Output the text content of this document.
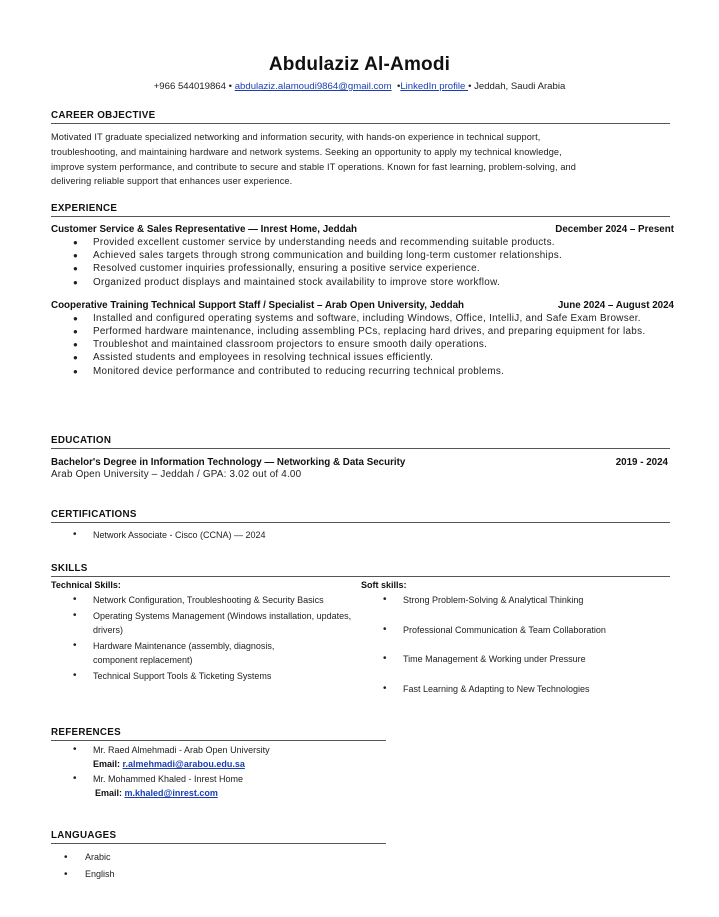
Abdulaziz Al-Amodi
+966 544019864 • abdulaziz.alamoudi9864@gmail.com •LinkedIn profile • Jeddah, Saudi Arabia
CAREER OBJECTIVE
Motivated IT graduate specialized networking and information security, with hands-on experience in technical support,
troubleshooting, and maintaining hardware and network systems. Seeking an opportunity to apply my technical knowledge,
improve system performance, and contribute to secure and stable IT operations. Known for fast learning, problem-solving, and
delivering reliable support that enhances user experience.
EXPERIENCE
Customer Service & Sales Representative — Inrest Home, Jeddah	December 2024 – Present
● Provided excellent customer service by understanding needs and recommending suitable products.
● Achieved sales targets through strong communication and building long-term customer relationships.
● Resolved customer inquiries professionally, ensuring a positive service experience.
● Organized product displays and maintained stock availability to improve store workflow.
Cooperative Training Technical Support Staff / Specialist – Arab Open University, Jeddah	June 2024 – August 2024
● Installed and configured operating systems and software, including Windows, Office, IntelliJ, and Safe Exam Browser.
● Performed hardware maintenance, including assembling PCs, replacing hard drives, and preparing equipment for labs.
● Troubleshot and maintained classroom projectors to ensure smooth daily operations.
● Assisted students and employees in resolving technical issues efficiently.
● Monitored device performance and contributed to reducing recurring technical problems.
EDUCATION
Bachelor's Degree in Information Technology — Networking & Data Security	2019 - 2024
Arab Open University – Jeddah / GPA: 3.02 out of 4.00
CERTIFICATIONS
• Network Associate - Cisco (CCNA) — 2024
SKILLS
Technical Skills:
• Network Configuration, Troubleshooting & Security Basics
• Operating Systems Management (Windows installation, updates, drivers)
• Hardware Maintenance (assembly, diagnosis, component replacement)
• Technical Support Tools & Ticketing Systems
Soft skills:
• Strong Problem-Solving & Analytical Thinking
• Professional Communication & Team Collaboration
• Time Management & Working under Pressure
• Fast Learning & Adapting to New Technologies
REFERENCES
• Mr. Raed Almehmadi - Arab Open University
Email: r.almehmadi@arabou.edu.sa
• Mr. Mohammed Khaled - Inrest Home
Email: m.khaled@inrest.com
LANGUAGES
• Arabic
• English
